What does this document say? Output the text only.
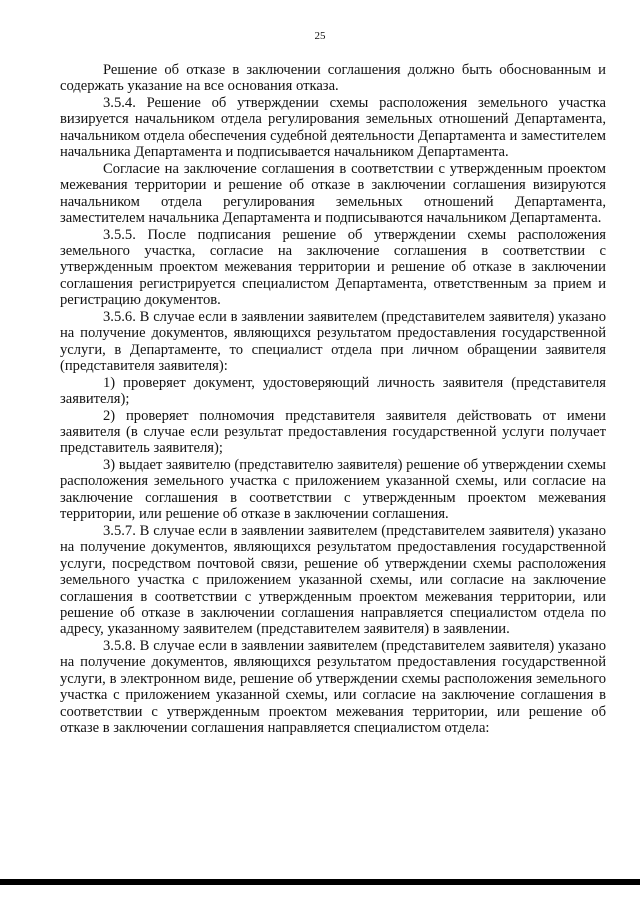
25

Решение об отказе в заключении соглашения должно быть обоснованным и содержать указание на все основания отказа.

3.5.4. Решение об утверждении схемы расположения земельного участка визируется начальником отдела регулирования земельных отношений Департамента, начальником отдела обеспечения судебной деятельности Департамента и заместителем начальника Департамента и подписывается начальником Департамента.

Согласие на заключение соглашения в соответствии с утвержденным проектом межевания территории и решение об отказе в заключении соглашения визируются начальником отдела регулирования земельных отношений Департамента, заместителем начальника Департамента и подписываются начальником Департамента.

3.5.5. После подписания решение об утверждении схемы расположения земельного участка, согласие на заключение соглашения в соответствии с утвержденным проектом межевания территории и решение об отказе в заключении соглашения регистрируется специалистом Департамента, ответственным за прием и регистрацию документов.

3.5.6. В случае если в заявлении заявителем (представителем заявителя) указано на получение документов, являющихся результатом предоставления государственной услуги, в Департаменте, то специалист отдела при личном обращении заявителя (представителя заявителя):

1) проверяет документ, удостоверяющий личность заявителя (представителя заявителя);

2) проверяет полномочия представителя заявителя действовать от имени заявителя (в случае если результат предоставления государственной услуги получает представитель заявителя);

3) выдает заявителю (представителю заявителя) решение об утверждении схемы расположения земельного участка с приложением указанной схемы, или согласие на заключение соглашения в соответствии с утвержденным проектом межевания территории, или решение об отказе в заключении соглашения.

3.5.7. В случае если в заявлении заявителем (представителем заявителя) указано на получение документов, являющихся результатом предоставления государственной услуги, посредством почтовой связи, решение об утверждении схемы расположения земельного участка с приложением указанной схемы, или согласие на заключение соглашения в соответствии с утвержденным проектом межевания территории, или решение об отказе в заключении соглашения направляется специалистом отдела по адресу, указанному заявителем (представителем заявителя) в заявлении.

3.5.8. В случае если в заявлении заявителем (представителем заявителя) указано на получение документов, являющихся результатом предоставления государственной услуги, в электронном виде, решение об утверждении схемы расположения земельного участка с приложением указанной схемы, или согласие на заключение соглашения в соответствии с утвержденным проектом межевания территории, или решение об отказе в заключении соглашения направляется специалистом отдела:
